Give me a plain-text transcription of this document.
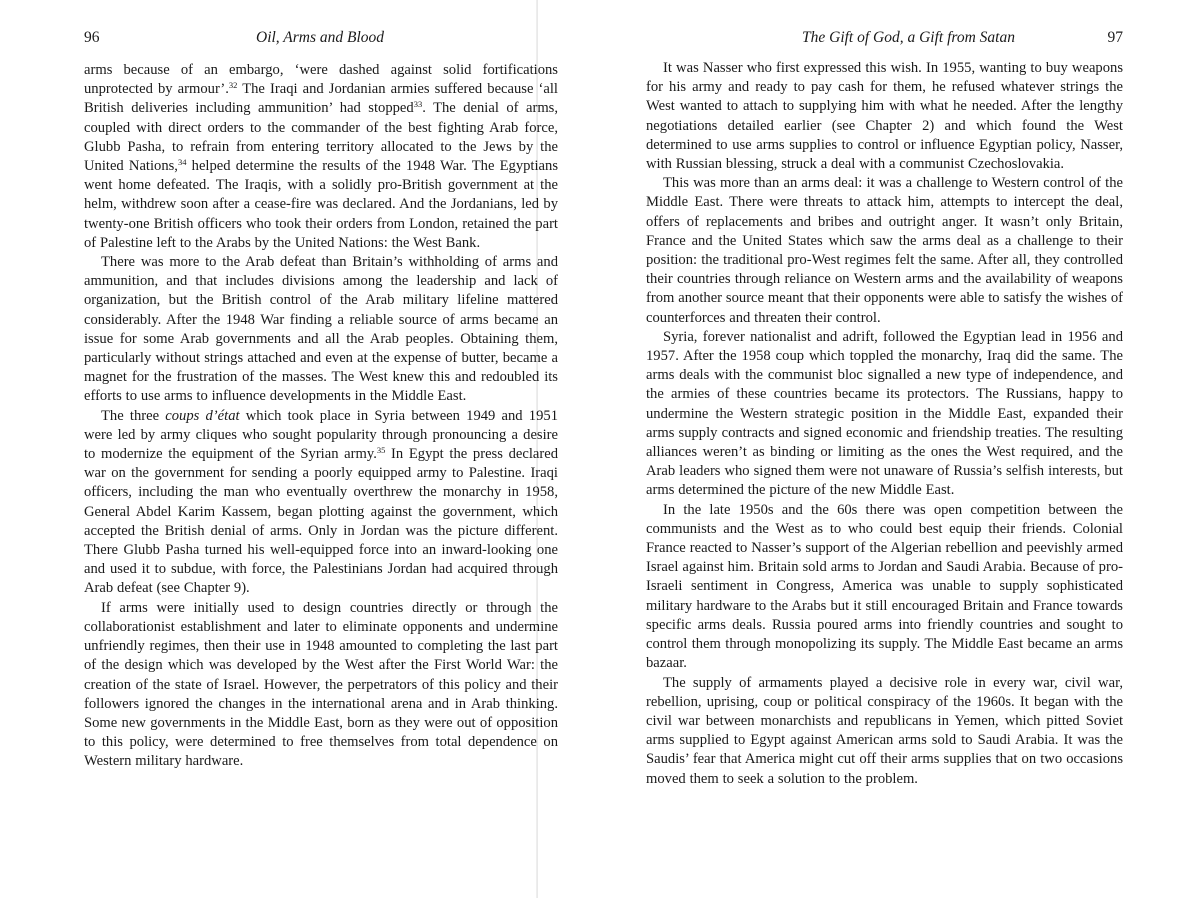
96	Oil, Arms and Blood

arms because of an embargo, ‘were dashed against solid fortifications unprotected by armour’.$^{32}$ The Iraqi and Jordanian armies suffered because ‘all British deliveries including ammunition’ had stopped$^{33}$. The denial of arms, coupled with direct orders to the commander of the best fighting Arab force, Glubb Pasha, to refrain from entering territory allocated to the Jews by the United Nations,$^{34}$ helped determine the results of the 1948 War. The Egyptians went home defeated. The Iraqis, with a solidly pro-British government at the helm, withdrew soon after a cease-fire was declared. And the Jordanians, led by twenty-one British officers who took their orders from London, retained the part of Palestine left to the Arabs by the United Nations: the West Bank.

There was more to the Arab defeat than Britain’s withholding of arms and ammunition, and that includes divisions among the leadership and lack of organization, but the British control of the Arab military lifeline mattered considerably. After the 1948 War finding a reliable source of arms became an issue for some Arab governments and all the Arab peoples. Obtaining them, particularly without strings attached and even at the expense of butter, became a magnet for the frustration of the masses. The West knew this and redoubled its efforts to use arms to influence developments in the Middle East.

The three coups d’état which took place in Syria between 1949 and 1951 were led by army cliques who sought popularity through pronouncing a desire to modernize the equipment of the Syrian army.$^{35}$ In Egypt the press declared war on the government for sending a poorly equipped army to Palestine. Iraqi officers, including the man who eventually overthrew the monarchy in 1958, General Abdel Karim Kassem, began plotting against the government, which accepted the British denial of arms. Only in Jordan was the picture different. There Glubb Pasha turned his well-equipped force into an inward-looking one and used it to subdue, with force, the Palestinians Jordan had acquired through Arab defeat (see Chapter 9).

If arms were initially used to design countries directly or through the collaborationist establishment and later to eliminate opponents and undermine unfriendly regimes, then their use in 1948 amounted to completing the last part of the design which was developed by the West after the First World War: the creation of the state of Israel. However, the perpetrators of this policy and their followers ignored the changes in the international arena and in Arab thinking. Some new governments in the Middle East, born as they were out of opposition to this policy, were determined to free themselves from total dependence on Western military hardware.

The Gift of God, a Gift from Satan	97

It was Nasser who first expressed this wish. In 1955, wanting to buy weapons for his army and ready to pay cash for them, he refused whatever strings the West wanted to attach to supplying him with what he needed. After the lengthy negotiations detailed earlier (see Chapter 2) and which found the West determined to use arms supplies to control or influence Egyptian policy, Nasser, with Russian blessing, struck a deal with a communist Czechoslovakia.

This was more than an arms deal: it was a challenge to Western control of the Middle East. There were threats to attack him, attempts to intercept the deal, offers of replacements and bribes and outright anger. It wasn’t only Britain, France and the United States which saw the arms deal as a challenge to their position: the traditional pro-West regimes felt the same. After all, they controlled their countries through reliance on Western arms and the availability of weapons from another source meant that their opponents were able to satisfy the wishes of counterforces and threaten their control.

Syria, forever nationalist and adrift, followed the Egyptian lead in 1956 and 1957. After the 1958 coup which toppled the monarchy, Iraq did the same. The arms deals with the communist bloc signalled a new type of independence, and the armies of these countries became its protectors. The Russians, happy to undermine the Western strategic position in the Middle East, expanded their arms supply contracts and signed economic and friendship treaties. The resulting alliances weren’t as binding or limiting as the ones the West required, and the Arab leaders who signed them were not unaware of Russia’s selfish interests, but arms determined the picture of the new Middle East.

In the late 1950s and the 60s there was open competition between the communists and the West as to who could best equip their friends. Colonial France reacted to Nasser’s support of the Algerian rebellion and peevishly armed Israel against him. Britain sold arms to Jordan and Saudi Arabia. Because of pro-Israeli sentiment in Congress, America was unable to supply sophisticated military hardware to the Arabs but it still encouraged Britain and France towards specific arms deals. Russia poured arms into friendly countries and sought to control them through monopolizing its supply. The Middle East became an arms bazaar.

The supply of armaments played a decisive role in every war, civil war, rebellion, uprising, coup or political conspiracy of the 1960s. It began with the civil war between monarchists and republicans in Yemen, which pitted Soviet arms supplied to Egypt against American arms sold to Saudi Arabia. It was the Saudis’ fear that America might cut off their arms supplies that on two occasions moved them to seek a solution to the problem.
